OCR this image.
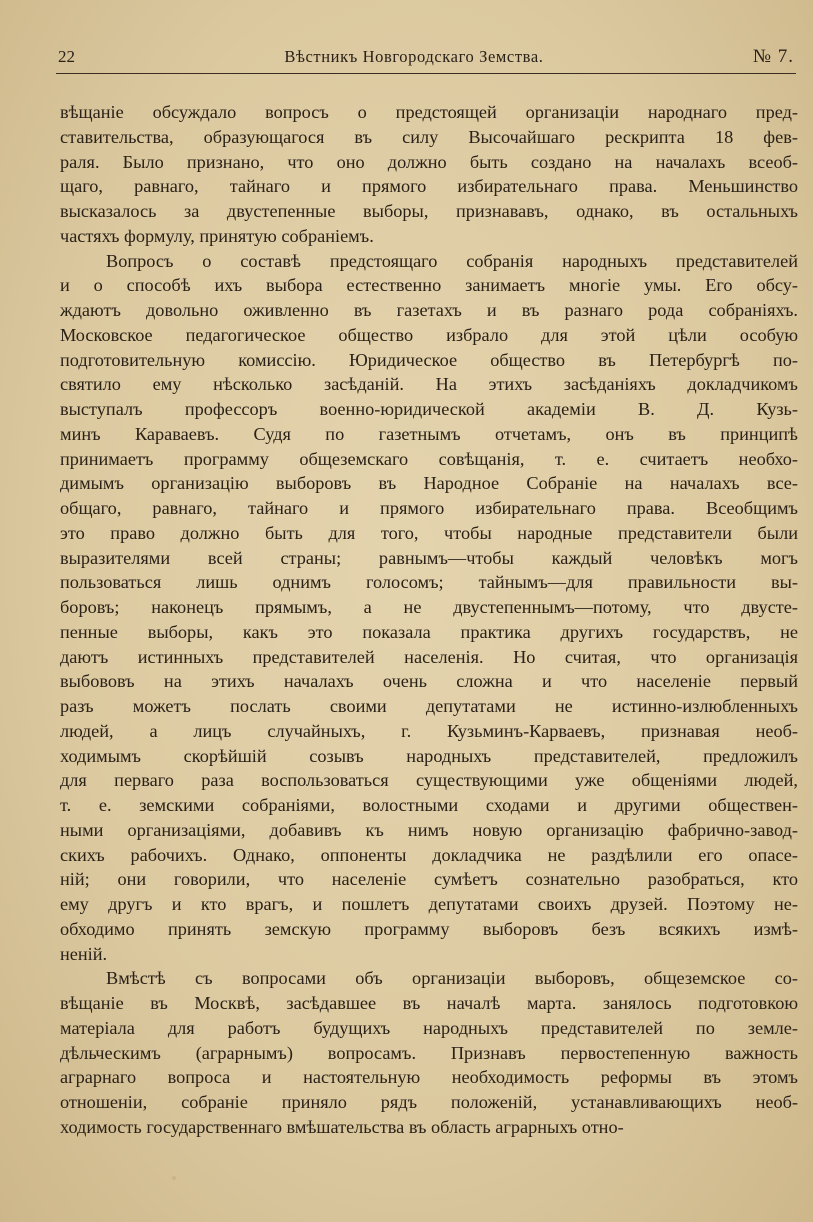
22	Вѣстникъ Новгородскаго Земства.	№ 7.
вѣщаніе обсуждало вопросъ о предстоящей организаціи народнаго пред-
ставительства, образующагося въ силу Высочайшаго рескрипта 18 фев-
раля. Было признано, что оно должно быть создано на началахъ всеоб-
щаго, равнаго, тайнаго и прямого избирательнаго права. Меньшинство
высказалось за двустепенные выборы, признававъ, однако, въ остальныхъ
частяхъ формулу, принятую собраніемъ.
Вопросъ о составѣ предстоящаго собранія народныхъ представителей
и о способѣ ихъ выбора естественно занимаетъ многіе умы. Его обсу-
ждаютъ довольно оживленно въ газетахъ и въ разнаго рода собраніяхъ.
Московское педагогическое общество избрало для этой цѣли особую
подготовительную комиссію. Юридическое общество въ Петербургѣ по-
святило ему нѣсколько засѣданій. На этихъ засѣданіяхъ докладчикомъ
выступалъ профессоръ военно-юридической академіи В. Д. Кузь-
минъ Караваевъ. Судя по газетнымъ отчетамъ, онъ въ принципѣ
принимаетъ программу общеземскаго совѣщанія, т. е. считаетъ необхо-
димымъ организацію выборовъ въ Народное Собраніе на началахъ все-
общаго, равнаго, тайнаго и прямого избирательнаго права. Всеобщимъ
это право должно быть для того, чтобы народные представители были
выразителями всей страны; равнымъ—чтобы каждый человѣкъ могъ
пользоваться лишь однимъ голосомъ; тайнымъ—для правильности вы-
боровъ; наконецъ прямымъ, а не двустепеннымъ—потому, что двусте-
пенные выборы, какъ это показала практика другихъ государствъ, не
даютъ истинныхъ представителей населенія. Но считая, что организація
выбововъ на этихъ началахъ очень сложна и что населеніе первый
разъ можетъ послать своими депутатами не истинно-излюбленныхъ
людей, а лицъ случайныхъ, г. Кузьминъ-Карваевъ, признавая необ-
ходимымъ скорѣйшій созывъ народныхъ представителей, предложилъ
для перваго раза воспользоваться существующими уже общеніями людей,
т. е. земскими собраніями, волостными сходами и другими обществен-
ными организаціями, добавивъ къ нимъ новую организацію фабрично-завод-
скихъ рабочихъ. Однако, оппоненты докладчика не раздѣлили его опасе-
ній; они говорили, что населеніе сумѣетъ сознательно разобраться, кто
ему другъ и кто врагъ, и пошлетъ депутатами своихъ друзей. Поэтому не-
обходимо принять земскую программу выборовъ безъ всякихъ измѣ-
неній.
Вмѣстѣ съ вопросами объ организаціи выборовъ, общеземское со-
вѣщаніе въ Москвѣ, засѣдавшее въ началѣ марта. занялось подготовкою
матеріала для работъ будущихъ народныхъ представителей по земле-
дѣльческимъ (аграрнымъ) вопросамъ. Признавъ первостепенную важность
аграрнаго вопроса и настоятельную необходимость реформы въ этомъ
отношеніи, собраніе приняло рядъ положеній, устанавливающихъ необ-
ходимость государственнаго вмѣшательства въ область аграрныхъ отно-
